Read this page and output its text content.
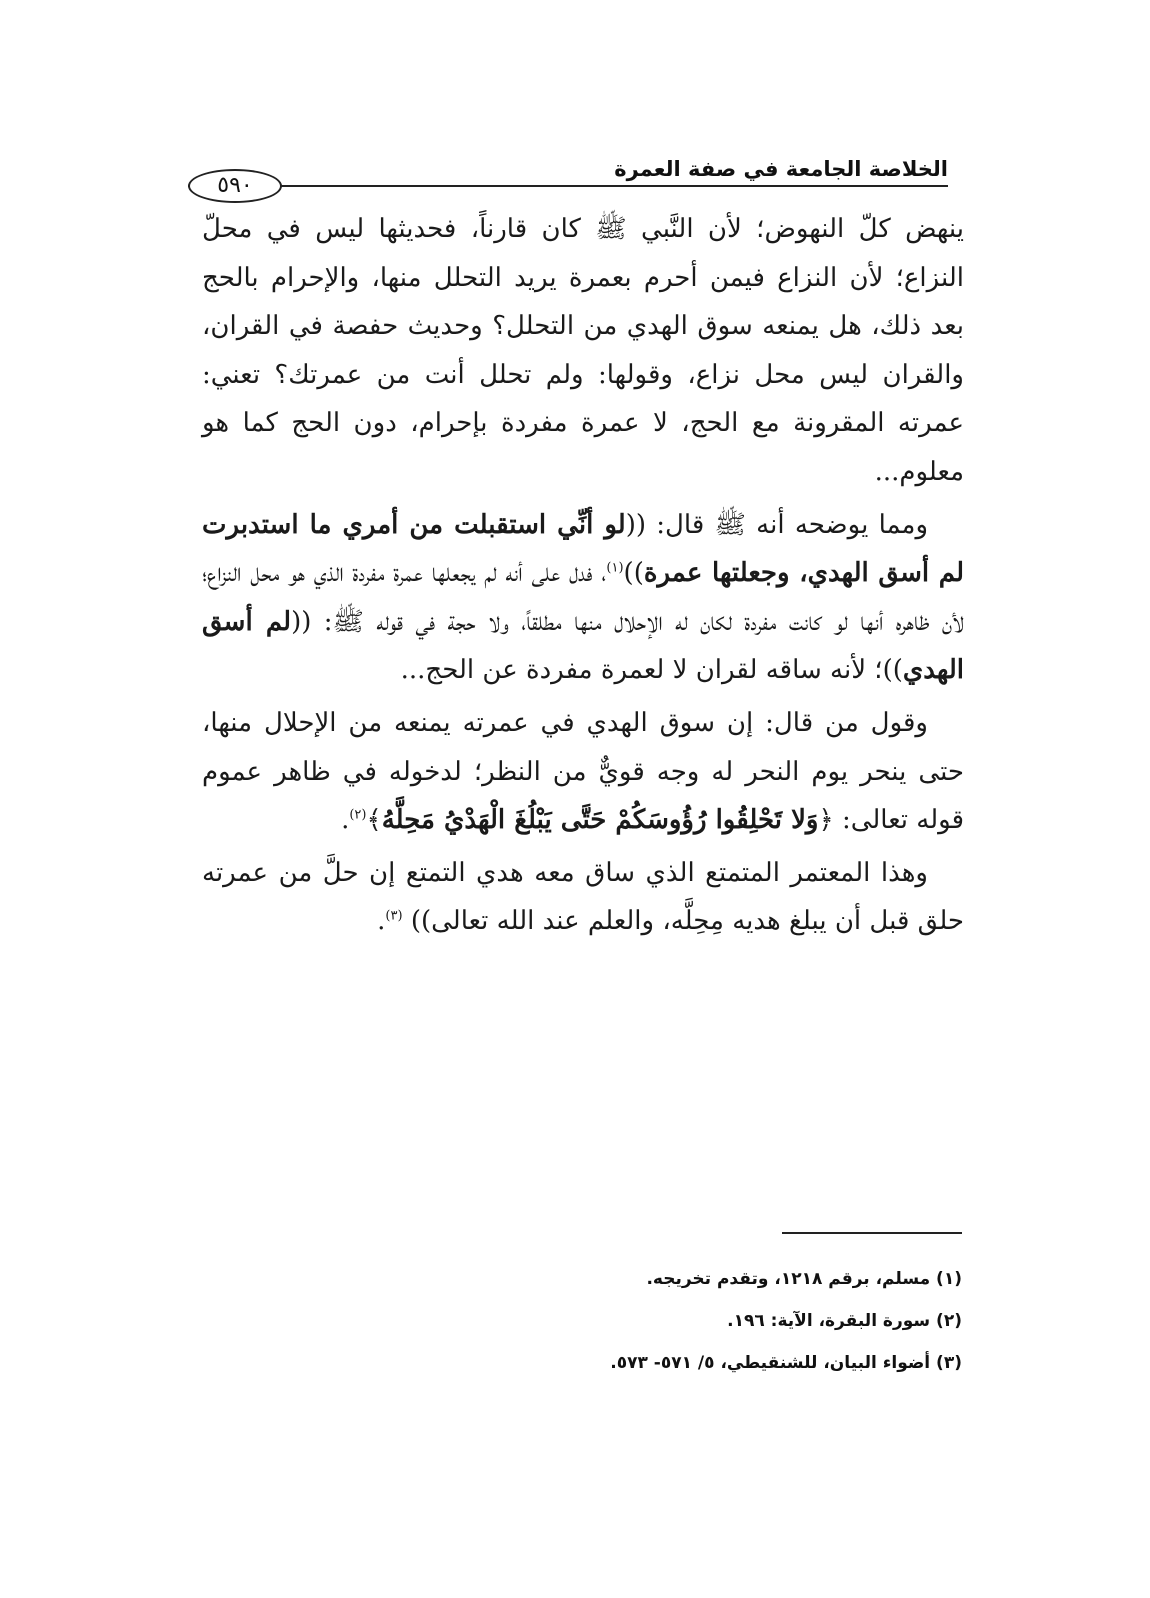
الخلاصة الجامعة في صفة العمرة
٥٩٠

ينهض كلّ النهوض؛ لأن النَّبي ﷺ كان قارناً، فحديثها ليس في محلّ النزاع؛ لأن النزاع فيمن أحرم بعمرة يريد التحلل منها، والإحرام بالحج بعد ذلك، هل يمنعه سوق الهدي من التحلل؟ وحديث حفصة في القران، والقران ليس محل نزاع، وقولها: ولم تحلل أنت من عمرتك؟ تعني: عمرته المقرونة مع الحج، لا عمرة مفردة بإحرام، دون الحج كما هو معلوم...

ومما يوضحه أنه ﷺ قال: ((لو أنِّي استقبلت من أمري ما استدبرت لم أسق الهدي، وجعلتها عمرة))$^{(١)}$، فدل على أنه لم يجعلها عمرة مفردة الذي هو محل النزاع؛ لأن ظاهره أنها لو كانت مفردة لكان له الإحلال منها مطلقاً، ولا حجة في قوله ﷺ: ((لم أسق الهدي))؛ لأنه ساقه لقران لا لعمرة مفردة عن الحج...

وقول من قال: إن سوق الهدي في عمرته يمنعه من الإحلال منها، حتى ينحر يوم النحر له وجه قويٌّ من النظر؛ لدخوله في ظاهر عموم قوله تعالى: ﴿وَلا تَحْلِقُوا رُؤُوسَكُمْ حَتَّى يَبْلُغَ الْهَدْيُ مَحِلَّهُ﴾$^{(٢)}$.

وهذا المعتمر المتمتع الذي ساق معه هدي التمتع إن حلَّ من عمرته حلق قبل أن يبلغ هديه مِحِلَّه، والعلم عند الله تعالى)) $^{(٣)}$.

(١) مسلم، برقم ١٢١٨، وتقدم تخريجه.

(٢) سورة البقرة، الآية: ١٩٦.

(٣) أضواء البيان، للشنقيطي، ٥/ ٥٧١- ٥٧٣.
